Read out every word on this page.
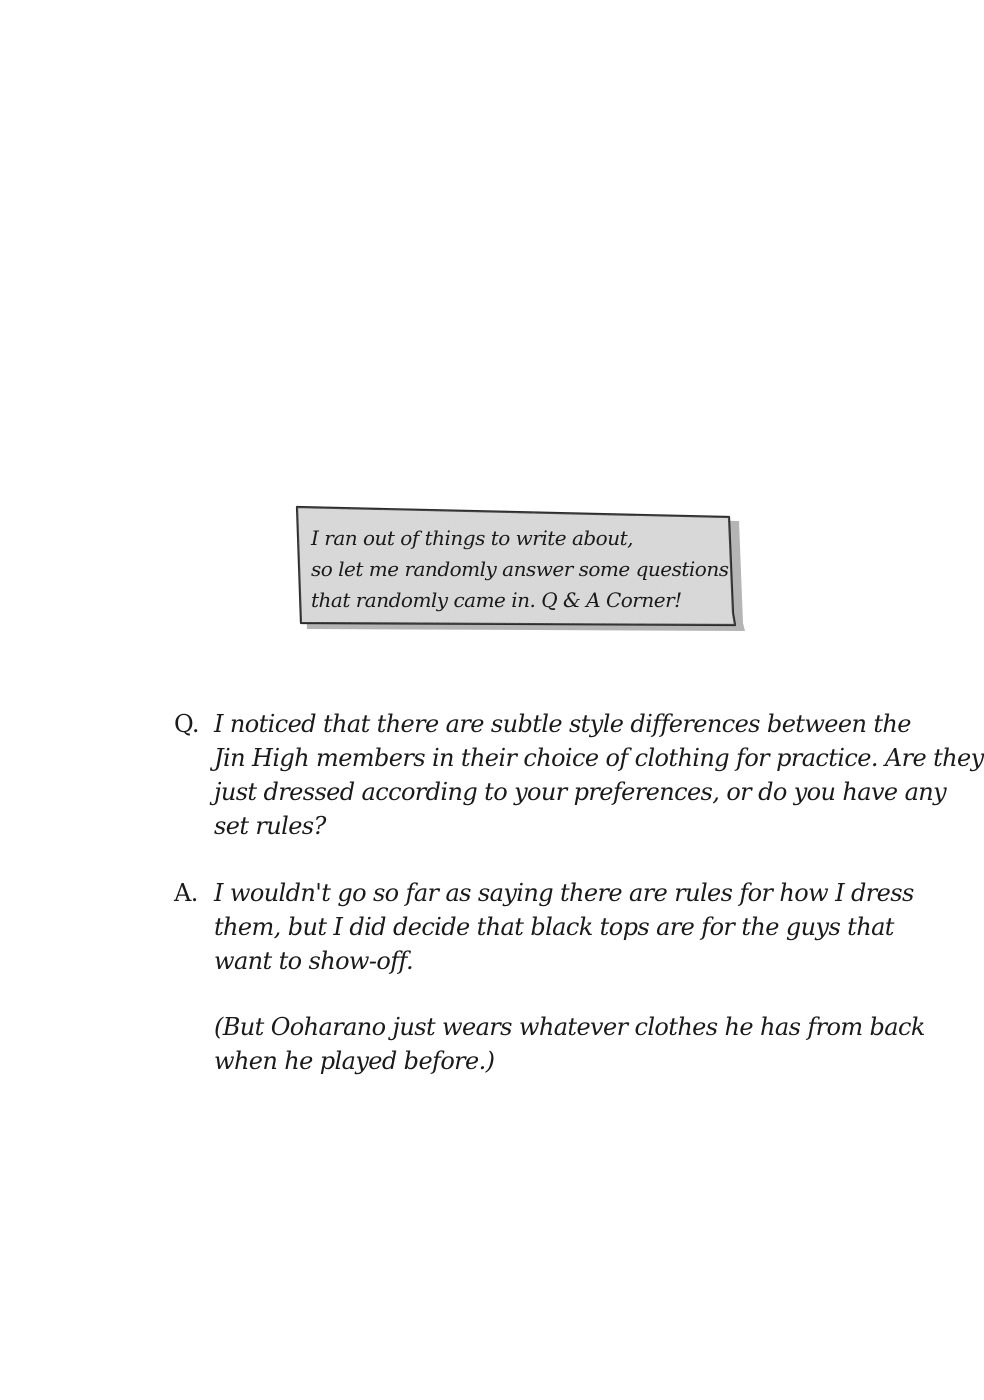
I ran out of things to write about,
so let me randomly answer some questions
that randomly came in. Q & A Corner!
Q. I noticed that there are subtle style differences between the
Jin High members in their choice of clothing for practice. Are they
just dressed according to your preferences, or do you have any
set rules?
A. I wouldn't go so far as saying there are rules for how I dress
them, but I did decide that black tops are for the guys that
want to show-off.
(But Ooharano just wears whatever clothes he has from back
when he played before.)
